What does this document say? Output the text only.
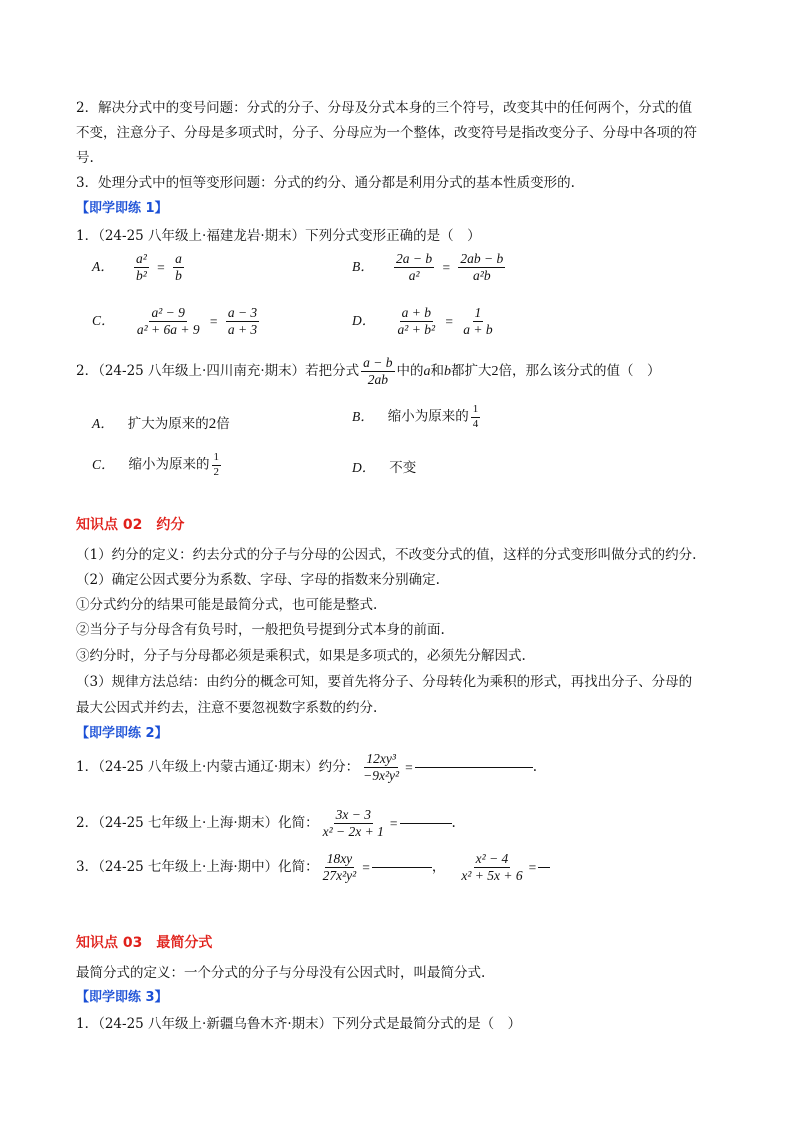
2．解决分式中的变号问题：分式的分子、分母及分式本身的三个符号，改变其中的任何两个，分式的值
不变，注意分子、分母是多项式时，分子、分母应为一个整体，改变符号是指改变分子、分母中各项的符
号.
3．处理分式中的恒等变形问题：分式的约分、通分都是利用分式的基本性质变形的.
【即学即练 1】
1．（24-25 八年级上·福建龙岩·期末）下列分式变形正确的是（　）
A． $\frac{\text{a²}}{\text{b²}} = \frac{a}{b}$	B． $\frac{2a - b}{\text{a²}} = \frac{2ab - b}{\text{a²b}}$
C． $\frac{\text{a² − 9}}{\text{a² + 6a + 9}} = \frac{a - 3}{a + 3}$	D． $\frac{a + b}{\text{a² + b²}} = \frac{1}{a + b}$
2．（24-25 八年级上·四川南充·期末）若把分式 $\frac{a - b}{2ab}$ 中的a和b都扩大2倍，那么该分式的值（　）
A． 扩大为原来的2倍	B． 缩小为原来的 $\frac{1}{4}$
C． 缩小为原来的 $\frac{1}{2}$	D． 不变
知识点 02　约分
（1）约分的定义：约去分式的分子与分母的公因式，不改变分式的值，这样的分式变形叫做分式的约分.
（2）确定公因式要分为系数、字母、字母的指数来分别确定.
①分式约分的结果可能是最简分式，也可能是整式.
②当分子与分母含有负号时，一般把负号提到分式本身的前面.
③约分时，分子与分母都必须是乘积式，如果是多项式的，必须先分解因式.
（3）规律方法总结：由约分的概念可知，要首先将分子、分母转化为乘积的形式，再找出分子、分母的
最大公因式并约去，注意不要忽视数字系数的约分.
【即学即练 2】
1．（24-25 八年级上·内蒙古通辽·期末）约分： $\frac{\text{12xy³}}{\text{−9x²y²}}$ =	.
2．（24-25 七年级上·上海·期末）化简： $\frac{3x - 3}{\text{x² − 2x + 1}}$ =	.
3．（24-25 七年级上·上海·期中）化简： $\frac{18xy}{\text{27x²y²}}$ =	， $\frac{\text{x² − 4}}{\text{x² + 5x + 6}}$ =
知识点 03　最简分式
最简分式的定义：一个分式的分子与分母没有公因式时，叫最简分式.
【即学即练 3】
1．（24-25 八年级上·新疆乌鲁木齐·期末）下列分式是最简分式的是（　）
